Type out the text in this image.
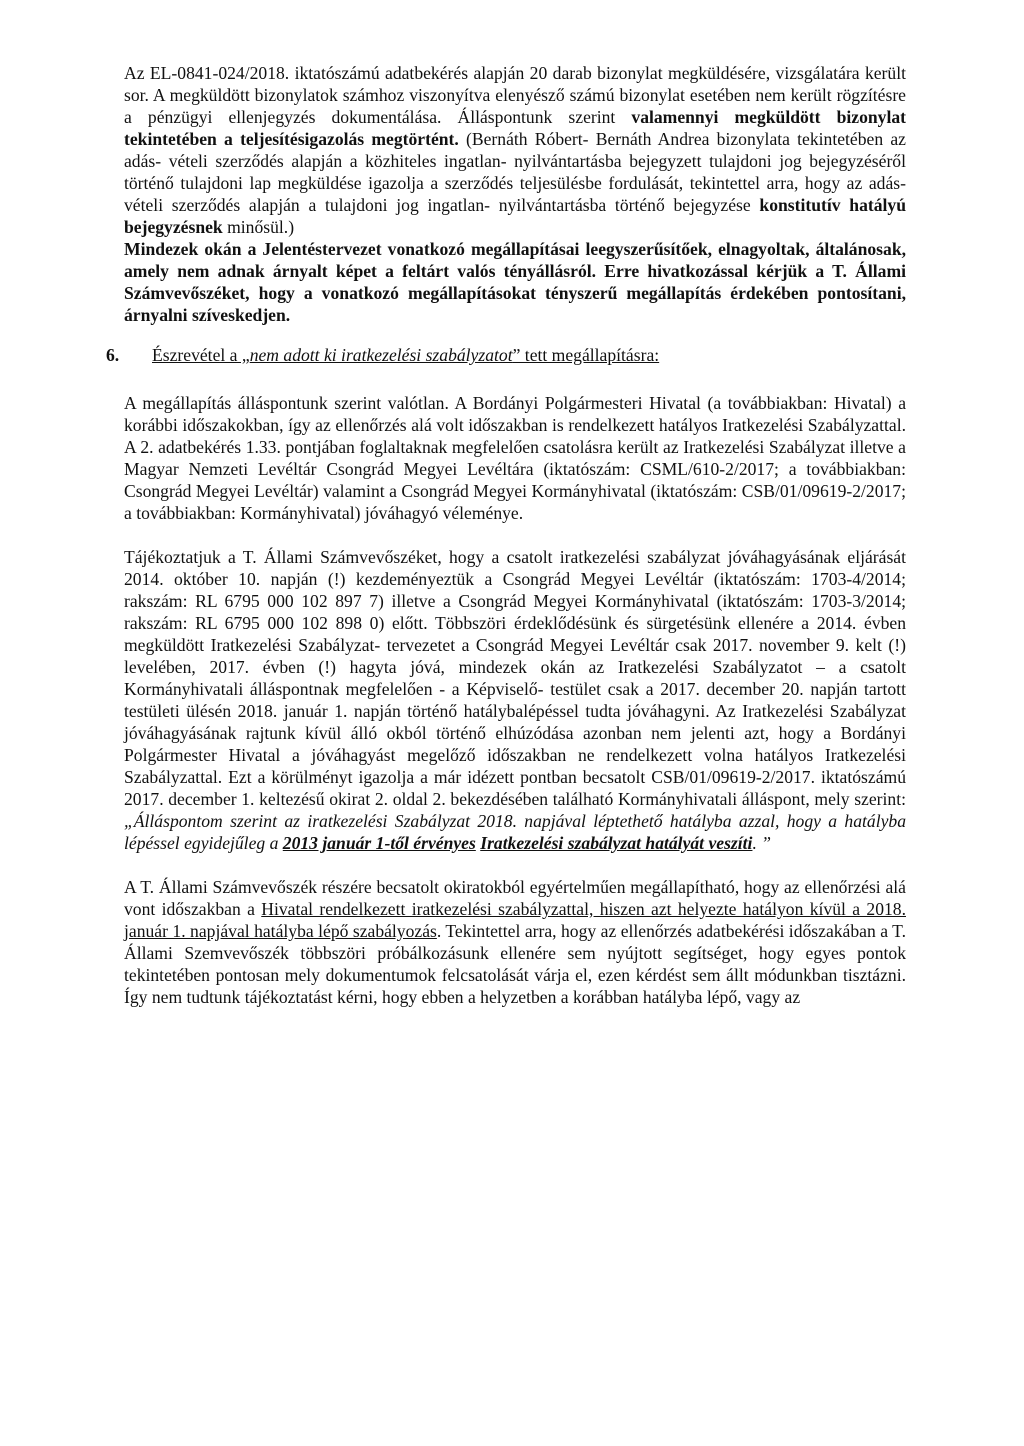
Az EL-0841-024/2018. iktatószámú adatbekérés alapján 20 darab bizonylat megküldésére, vizsgálatára került sor. A megküldött bizonylatok számhoz viszonyítva elenyésző számú bizonylat esetében nem került rögzítésre a pénzügyi ellenjegyzés dokumentálása. Álláspontunk szerint valamennyi megküldött bizonylat tekintetében a teljesítésigazolás megtörtént. (Bernáth Róbert- Bernáth Andrea bizonylata tekintetében az adás- vételi szerződés alapján a közhiteles ingatlan- nyilvántartásba bejegyzett tulajdoni jog bejegyzéséről történő tulajdoni lap megküldése igazolja a szerződés teljesülésbe fordulását, tekintettel arra, hogy az adás- vételi szerződés alapján a tulajdoni jog ingatlan- nyilvántartásba történő bejegyzése konstitutív hatályú bejegyzésnek minősül.)
Mindezek okán a Jelentéstervezet vonatkozó megállapításai leegyszerűsítőek, elnagyoltak, általánosak, amely nem adnak árnyalt képet a feltárt valós tényállásról. Erre hivatkozással kérjük a T. Állami Számvevőszéket, hogy a vonatkozó megállapításokat tényszerű megállapítás érdekében pontosítani, árnyalni szíveskedjen.

6. Észrevétel a „nem adott ki iratkezelési szabályzatot” tett megállapításra:

A megállapítás álláspontunk szerint valótlan. A Bordányi Polgármesteri Hivatal (a továbbiakban: Hivatal) a korábbi időszakokban, így az ellenőrzés alá volt időszakban is rendelkezett hatályos Iratkezelési Szabályzattal. A 2. adatbekérés 1.33. pontjában foglaltaknak megfelelően csatolásra került az Iratkezelési Szabályzat illetve a Magyar Nemzeti Levéltár Csongrád Megyei Levéltára (iktatószám: CSML/610-2/2017; a továbbiakban: Csongrád Megyei Levéltár) valamint a Csongrád Megyei Kormányhivatal (iktatószám: CSB/01/09619-2/2017; a továbbiakban: Kormányhivatal) jóváhagyó véleménye.

Tájékoztatjuk a T. Állami Számvevőszéket, hogy a csatolt iratkezelési szabályzat jóváhagyásának eljárását 2014. október 10. napján (!) kezdeményeztük a Csongrád Megyei Levéltár (iktatószám: 1703-4/2014; rakszám: RL 6795 000 102 897 7) illetve a Csongrád Megyei Kormányhivatal (iktatószám: 1703-3/2014; rakszám: RL 6795 000 102 898 0) előtt. Többszöri érdeklődésünk és sürgetésünk ellenére a 2014. évben megküldött Iratkezelési Szabályzat- tervezetet a Csongrád Megyei Levéltár csak 2017. november 9. kelt (!) levelében, 2017. évben (!) hagyta jóvá, mindezek okán az Iratkezelési Szabályzatot – a csatolt Kormányhivatali álláspontnak megfelelően - a Képviselő- testület csak a 2017. december 20. napján tartott testületi ülésén 2018. január 1. napján történő hatálybalépéssel tudta jóváhagyni. Az Iratkezelési Szabályzat jóváhagyásának rajtunk kívül álló okból történő elhúzódása azonban nem jelenti azt, hogy a Bordányi Polgármester Hivatal a jóváhagyást megelőző időszakban ne rendelkezett volna hatályos Iratkezelési Szabályzattal. Ezt a körülményt igazolja a már idézett pontban becsatolt CSB/01/09619-2/2017. iktatószámú 2017. december 1. keltezésű okirat 2. oldal 2. bekezdésében található Kormányhivatali álláspont, mely szerint: „Álláspontom szerint az iratkezelési Szabályzat 2018. napjával léptethető hatályba azzal, hogy a hatályba lépéssel egyidejűleg a 2013 január 1-től érvényes Iratkezelési szabályzat hatályát veszíti. ”

A T. Állami Számvevőszék részére becsatolt okiratokból egyértelműen megállapítható, hogy az ellenőrzési alá vont időszakban a Hivatal rendelkezett iratkezelési szabályzattal, hiszen azt helyezte hatályon kívül a 2018. január 1. napjával hatályba lépő szabályozás. Tekintettel arra, hogy az ellenőrzés adatbekérési időszakában a T. Állami Szemvevőszék többszöri próbálkozásunk ellenére sem nyújtott segítséget, hogy egyes pontok tekintetében pontosan mely dokumentumok felcsatolását várja el, ezen kérdést sem állt módunkban tisztázni. Így nem tudtunk tájékoztatást kérni, hogy ebben a helyzetben a korábban hatályba lépő, vagy az
